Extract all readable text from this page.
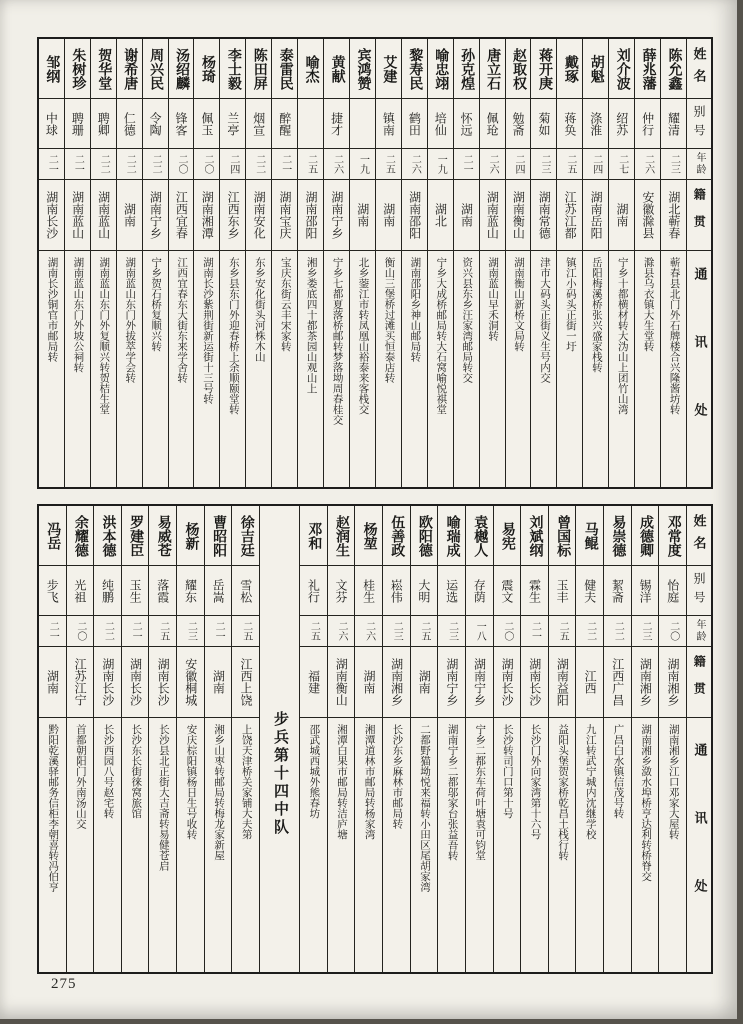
姓名
别号
年龄
籍贯
通讯处
陈允鑫
耀清
二三
湖北蕲春
蕲春县北门外石牌楼合兴隆酱坊转
薛兆藩
仲行
二六
安徽滁县
滁县乌衣镇大生堂转
刘介波
绍苏
二七
湖南
宁乡十都横材转大沩山上团竹山湾
胡魁
涤淮
二四
湖南岳阳
岳阳梅溪桥张兴盛家栈转
戴琢
蒋奂
二五
江苏江都
镇江小码头正街一圩
蒋开庚
菊如
二三
湖南常德
津市大码头正街义生号内交
赵取权
勉斋
二四
湖南衡山
湖南衡山新桥文局转
唐立石
佩玱
二六
湖南蓝山
湖南蓝山早禾洞转
孙克煌
怀远
二一
湖南
资兴县东乡汪家湾邮局转交
喻忠翊
培仙
一九
湖北
宁乡大成桥邮局转大石窝喻悦祺堂
黎寿民
鹤田
二六
湖南邵阳
湖南邵阳乡神山邮局转
艾建
镇南
二五
湖南
衡山三堡桥过滩买恒泰店转
宾鸿赞
一九
湖南
北乡蓥江市转凤凰山裕泰来客栈交
黄献
捷才
二六
湖南宁乡
宁乡七都夏落桥邮转梦落坳周春桂交
喻杰
二五
湖南邵阳
湘乡娄底四十都茶园山观山上
泰雷民
醉醒
二一
湖南宝庆
宝庆东街云丰宋家转
陈田屏
烟宣
二二
湖南安化
东乡安化街头河株木山
李士毅
兰亭
二四
江西东乡
东乡县东门外迎春桥上余顺颐堂转
杨琦
佩玉
二〇
湖南湘潭
湖南长沙紫荆街新运街十三号转
汤绍麟
锋客
二〇
江西宜春
江西宜春东大街东来学舍转
周兴民
令陶
二二
湖南宁乡
宁乡贺石桥复顺兴转
谢希唐
仁德
二二
湖南
湖南蓝山东门外拔萃学会转
贺华堂
聘卿
二二
湖南蓝山
湖南蓝山东门外复顺兴转贺桔生堂
朱树珍
聘珊
二一
湖南蓝山
湖南蓝山东门外坡公祠转
邹纲
中球
二一
湖南长沙
湖南长沙铜官市邮局转
姓名
别号
年龄
籍贯
通讯处
邓常度
怡庭
二〇
湖南湘乡
湖南湘乡江口邓家大屋转
成德卿
锡洋
二三
湖南湘乡
湖南湘乡潋水埠桥亨达利转桥脊交
易崇德
絜斋
二二
江西广昌
广昌白水镇信茂号转
马鲲
健夫
二二
江西
九江转武宁城内沈继学校
曾国标
玉丰
二五
湖南益阳
益阳头堡贺家桥乾昌土栈行转
刘斌纲
霖生
二一
湖南长沙
长沙门外向家湾第十六号
易宪
震文
二〇
湖南长沙
长沙转司门口第十号
袁樾人
存荫
一八
湖南宁乡
宁乡二都东车荷叶塘袁可钧堂
喻瑞成
运选
二三
湖南宁乡
湖南宁乡二都邬家台张益吾转
欧阳德
大明
二五
湖南
二都野猫坳悦来福转小田区尾胡家湾
伍善政
崧伟
二三
湖南湘乡
长沙东乡麻林市邮局转
杨堃
桂生
二六
湖南
湘潭道林市邮局转杨家湾
赵润生
文芬
二六
湖南衡山
湘潭白果市邮局转洁庐塘
邓和
礼行
二五
福建
邵武城西城外熊春坊
步兵第十四中队
徐吉廷
雪松
二五
江西上饶
上饶天津桥关家铺大夫第
曹昭阳
岳嵩
二一
湖南
湘乡山枣转邮局转梅龙家新屋
杨新
耀东
二三
安徽桐城
安庆棕阳镇杨日生号收转
易威苍
落霞
二五
湖南长沙
长沙县北正街大吉斋转易健苍启
罗建臣
玉生
二一
湖南长沙
长沙东长街徕窝旅馆
洪本德
纯鹏
二二
湖南长沙
长沙西园八号赵宅转
余耀德
光祖
二〇
江苏江宁
首都朝阳门外南汤山交
冯岳
步飞
二一
湖南
黔阳乾溪驿邮务信柜李朝喜转冯伯亨
275
